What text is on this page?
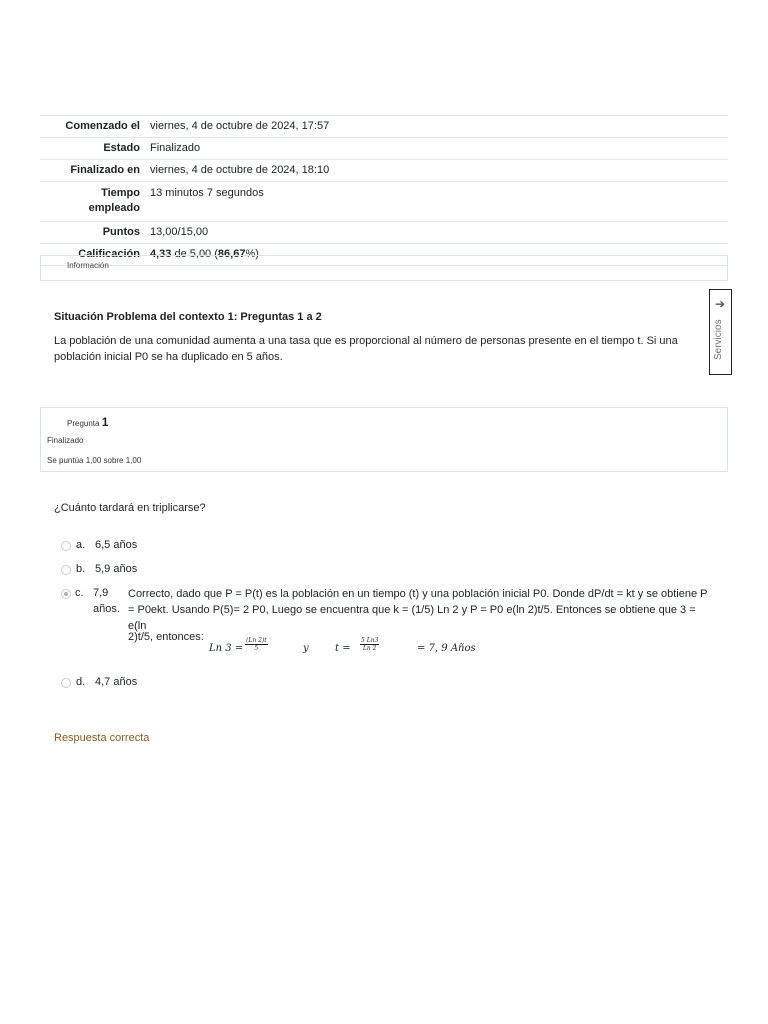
Comenzado el	viernes, 4 de octubre de 2024, 17:57
Estado	Finalizado
Finalizado en	viernes, 4 de octubre de 2024, 18:10
Tiempo
empleado	13 minutos 7 segundos
Puntos	13,00/15,00
Calificación	4,33 de 5,00 (86,67%)
Información

Situación Problema del contexto 1: Preguntas 1 a 2

La población de una comunidad aumenta a una tasa que es proporcional al número de personas presente en el tiempo t. Si una población inicial P0 se ha duplicado en 5 años.

➔
Servicios
Pregunta 1
Finalizado
Se puntúa 1,00 sobre 1,00

¿Cuánto tardará en triplicarse?

a. 6,5 años
b. 5,9 años
c. 7,9
años.
Correcto, dado que P = P(t) es la población en un tiempo (t) y una población inicial P0. Donde dP/dt = kt y se obtiene P = P0ekt. Usando P(5)= 2 P0, Luego se encuentra que k = (1/5) Ln 2 y P = P0 e(ln 2)t/5. Entonces se obtiene que 3 = e(ln
2)t/5, entonces:
Ln $3 = \frac{(Ln 2)t}{5}$	y	$t = \frac{5 Ln3}{Ln 2}$	= 7, 9 Años
d. 4,7 años

Respuesta correcta
